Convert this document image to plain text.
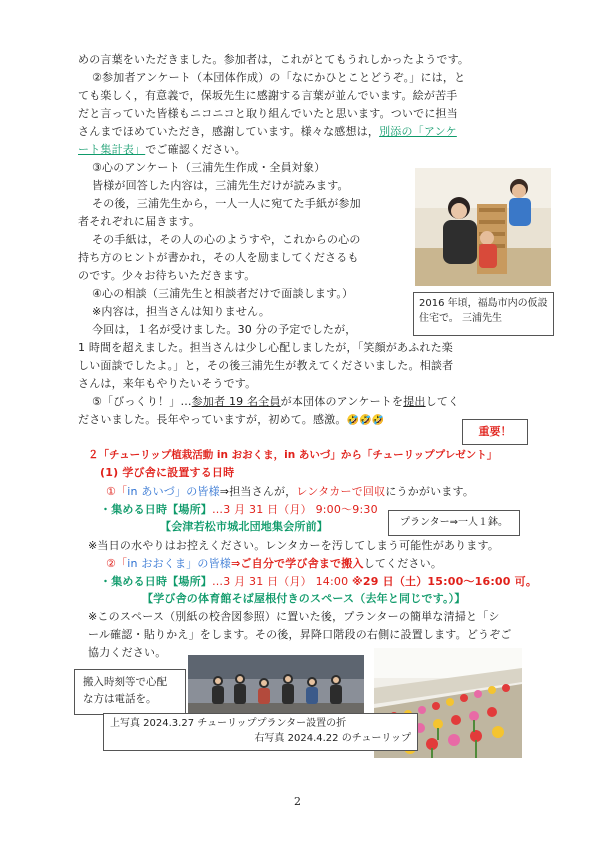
めの言葉をいただきました。参加者は，これがとてもうれしかったようです。
②参加者アンケート（本団体作成）の「なにかひとことどうぞ。」には，と
ても楽しく，有意義で，保坂先生に感謝する言葉が並んでいます。絵が苦手
だと言っていた皆様もニコニコと取り組んでいたと思います。ついでに担当
さんまでほめていただき，感謝しています。様々な感想は，別添の「アンケ
ート集計表」でご確認ください。
③心のアンケート（三浦先生作成・全員対象）
皆様が回答した内容は，三浦先生だけが読みます。
その後，三浦先生から，一人一人に宛てた手紙が参加
者それぞれに届きます。
その手紙は，その人の心のようすや，これからの心の
持ち方のヒントが書かれ，その人を励ましてくださるも
のです。少々お待ちいただきます。
④心の相談（三浦先生と相談者だけで面談します。）
※内容は，担当さんは知りません。
今回は，１名が受けました。30 分の予定でしたが，
1 時間を超えました。担当さんは少し心配しましたが，「笑顔があふれた楽
しい面談でしたよ。」と，その後三浦先生が教えてくださいました。相談者
さんは，来年もやりたいそうです。
⑤「びっくり！」…参加者 19 名全員が本団体のアンケートを提出してく
ださいました。長年やっていますが，初めて。感激。🤣🤣🤣
2016 年頃，福島市内の仮設住宅で。 三浦先生
重要！
２「チューリップ植栽活動 in おおくま，in あいづ」から「チューリッププレゼント」
(1) 学び舎に設置する日時
①「in あいづ」の皆様⇒担当さんが，レンタカーで回収にうかがいます。
・集める日時【場所】…3 月 31 日（月） 9:00～9:30
【会津若松市城北団地集会所前】	プランター⇒一人１鉢。
※当日の水やりはお控えください。レンタカーを汚してしまう可能性があります。
②「in おおくま」の皆様⇒ご自分で学び舎まで搬入してください。
・集める日時【場所】…3 月 31 日（月） 14:00 ※29 日（土）15:00～16:00 可。
【学び舎の体育館そば屋根付きのスペース（去年と同じです。）】
※このスペース（別紙の校舎図参照）に置いた後，プランターの簡単な清掃と「シ
ール確認・貼りかえ」をします。その後，昇降口階段の右側に設置します。どうぞご
協力ください。
搬入時刻等で心配な方は電話を。
上写真 2024.3.27 チューリッププランター設置の折
右写真 2024.4.22 のチューリップ
2
